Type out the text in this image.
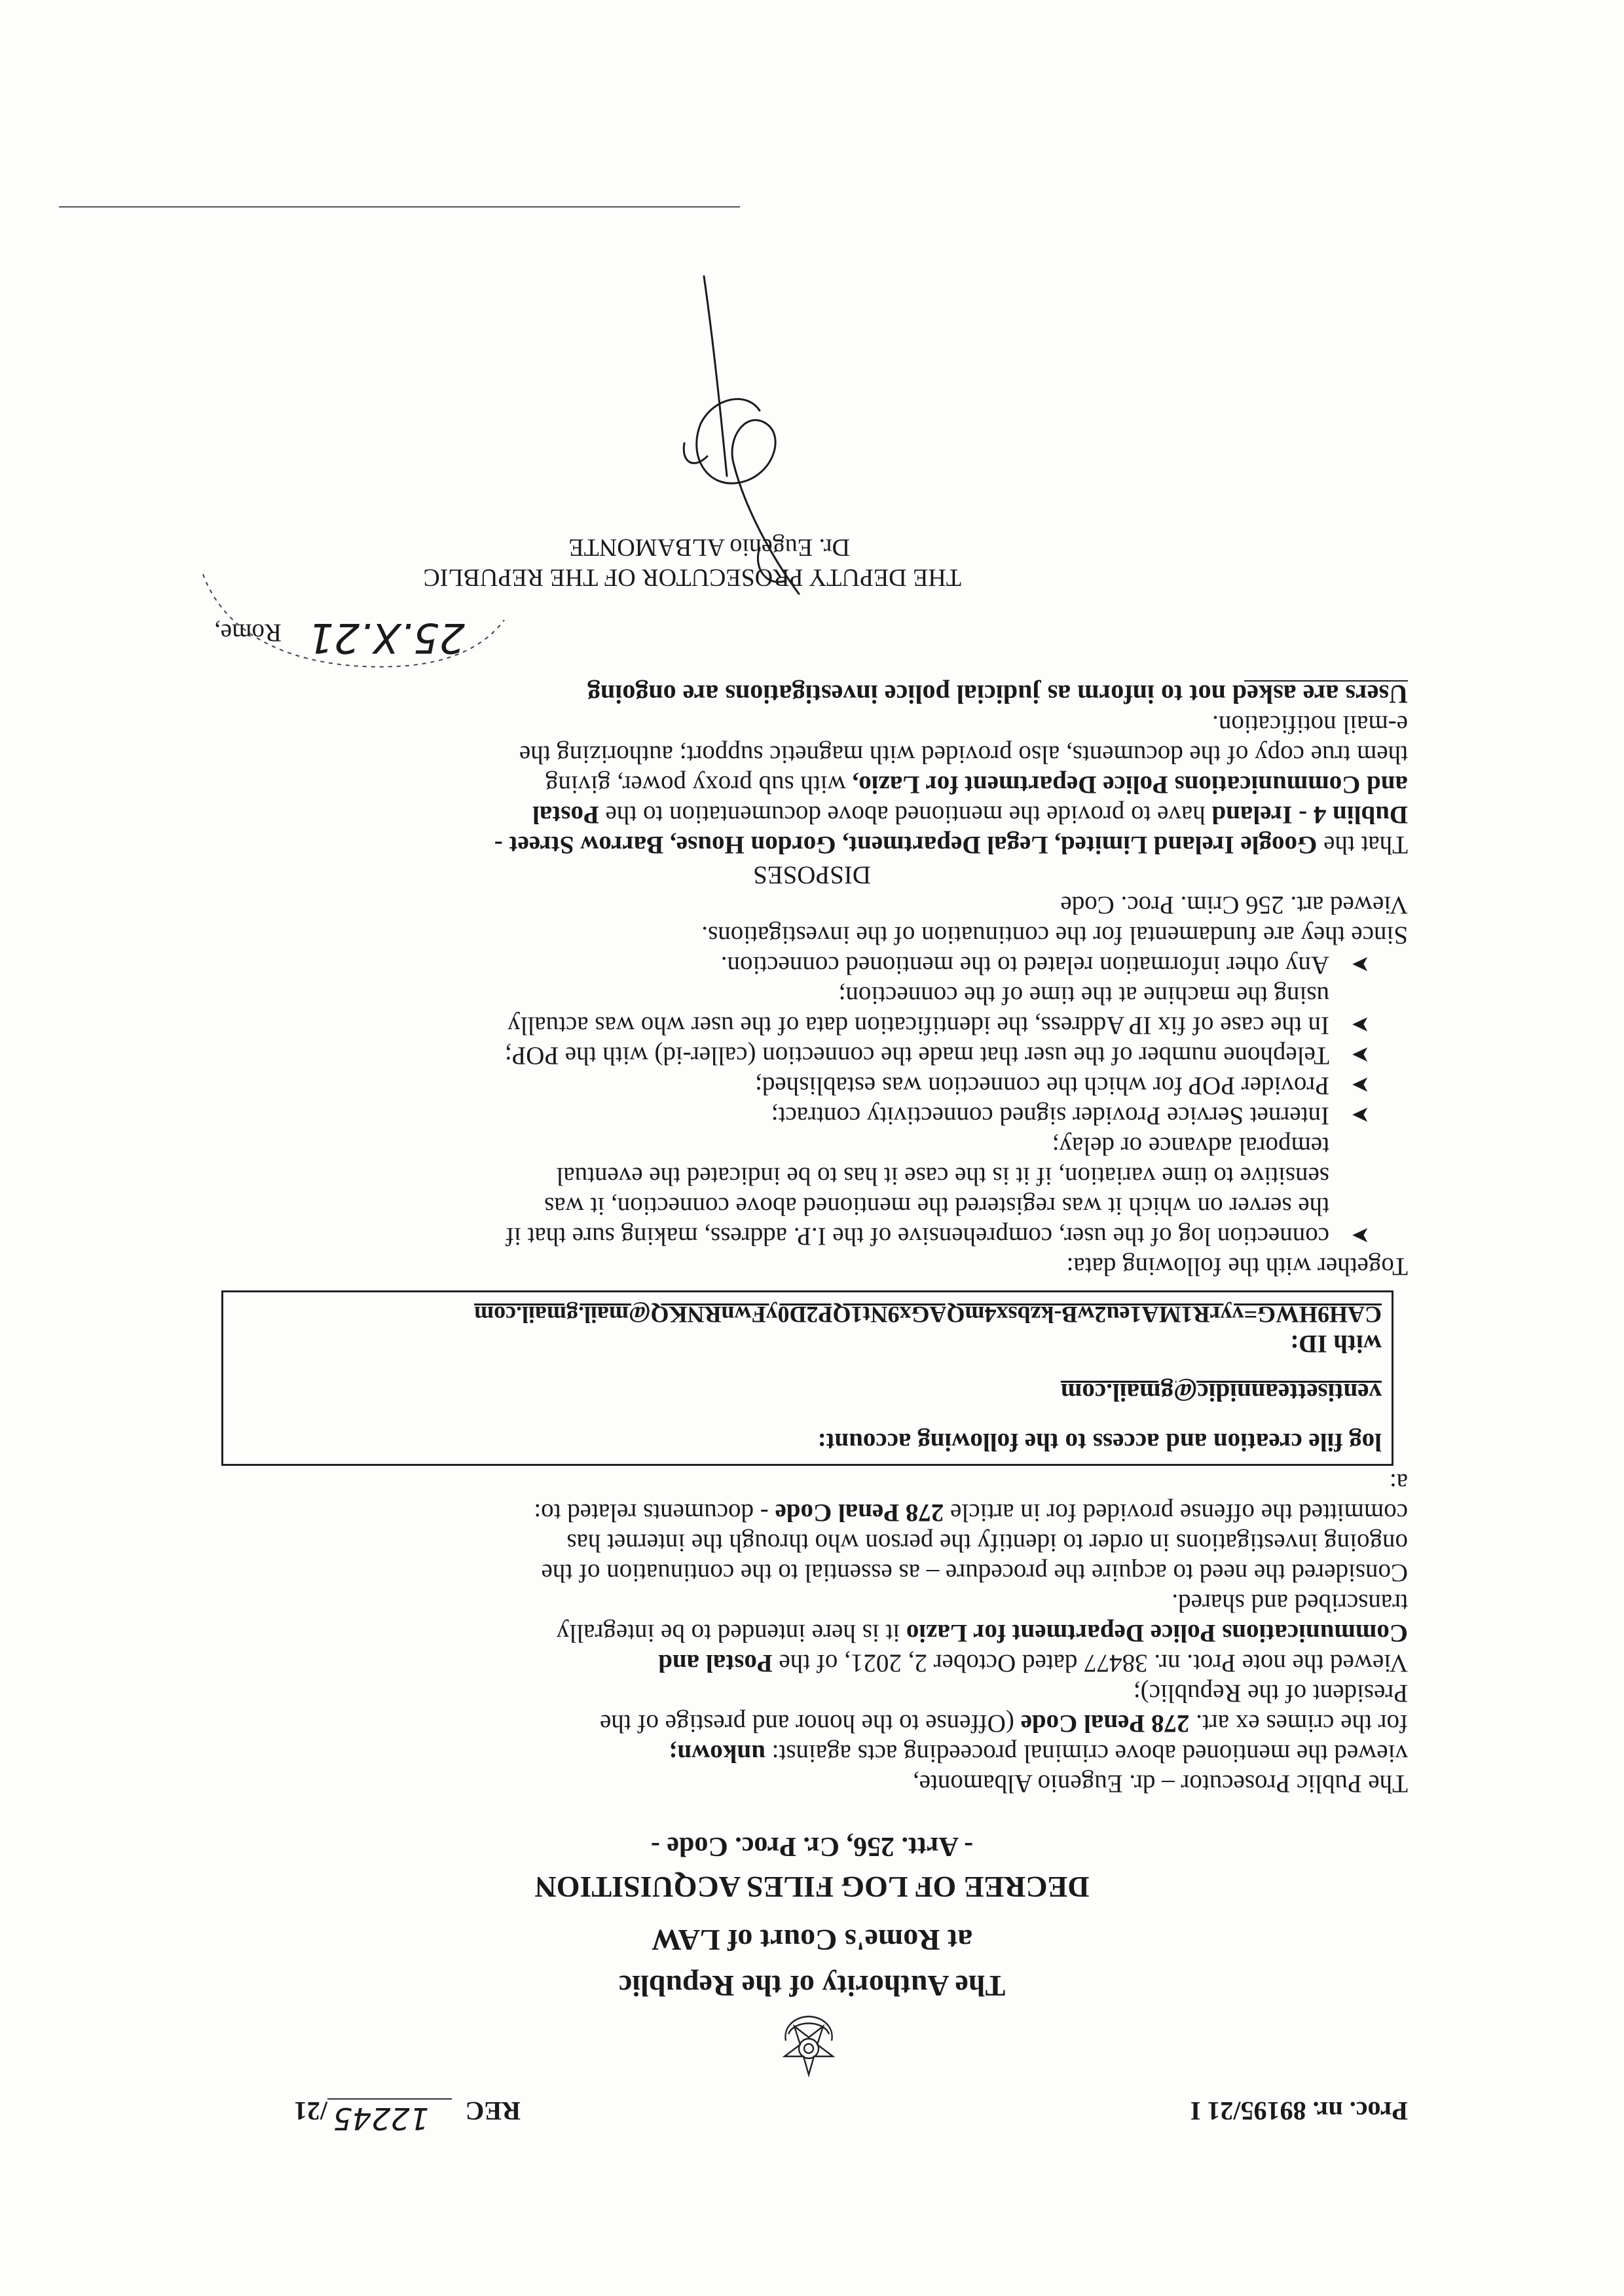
Proc. nr. 89195/21 I
REC
12245
/21
The Authority of the Republic
at Rome's Court of LAW
DECREE OF LOG FILES ACQUISITION
- Artt. 256, Cr. Proc. Code -
The Public Prosecutor – dr. Eugenio Albamonte,
viewed the mentioned above criminal proceeding acts against: unkown;
for the crimes ex art. 278 Penal Code (Offense to the honor and prestige of the
President of the Republic);
Viewed the note Prot. nr. 38477 dated October 2, 2021, of the Postal and
Communications Police Department for Lazio it is here intended to be integrally
transcribed and shared.
Considered the need to acquire the procedure – as essential to the continuation of the
ongoing investigations in order to identify the person who through the internet has
committed the offense provided for in article 278 Penal Code - documents related to:
a:
log file creation and access to the following account:
ventisetteannidic@gmail.com
with ID:
CAH9HWG=vyrR1MA1eu2wB-kzbsx4mQAGx9Nt1QP2D0yFwnRNKQ@mail.gmail.com
Together with the following data:
➤
connection log of the user, comprehensive of the I.P. address, making sure that if
the server on which it was registered the mentioned above connection, it was
sensitive to time variation, if it is the case it has to be indicated the eventual
temporal advance or delay;
➤
Internet Service Provider signed connectivity contract;
➤
Provider POP for which the connection was established;
➤
Telephone number of the user that made the connection (caller-id) with the POP;
➤
In the case of fix IP Address, the identification data of the user who was actually
using the machine at the time of the connection;
➤
Any other information related to the mentioned connection.
Since they are fundamental for the continuation of the investigations.
Viewed art. 256 Crim. Proc. Code
DISPOSES
That the Google Ireland Limited, Legal Department, Gordon House, Barrow Street -
Dublin 4 - Ireland have to provide the mentioned above documentation to the Postal
and Communications Police Department for Lazio, with sub proxy power, giving
them true copy of the documents, also provided with magnetic support; authorizing the
e-mail notification.
Users are asked not to inform as judicial police investigations are ongoing
Rome, 25.X.21
THE DEPUTY PROSECUTOR OF THE REPUBLIC
Dr. Eugenio ALBAMONTE
